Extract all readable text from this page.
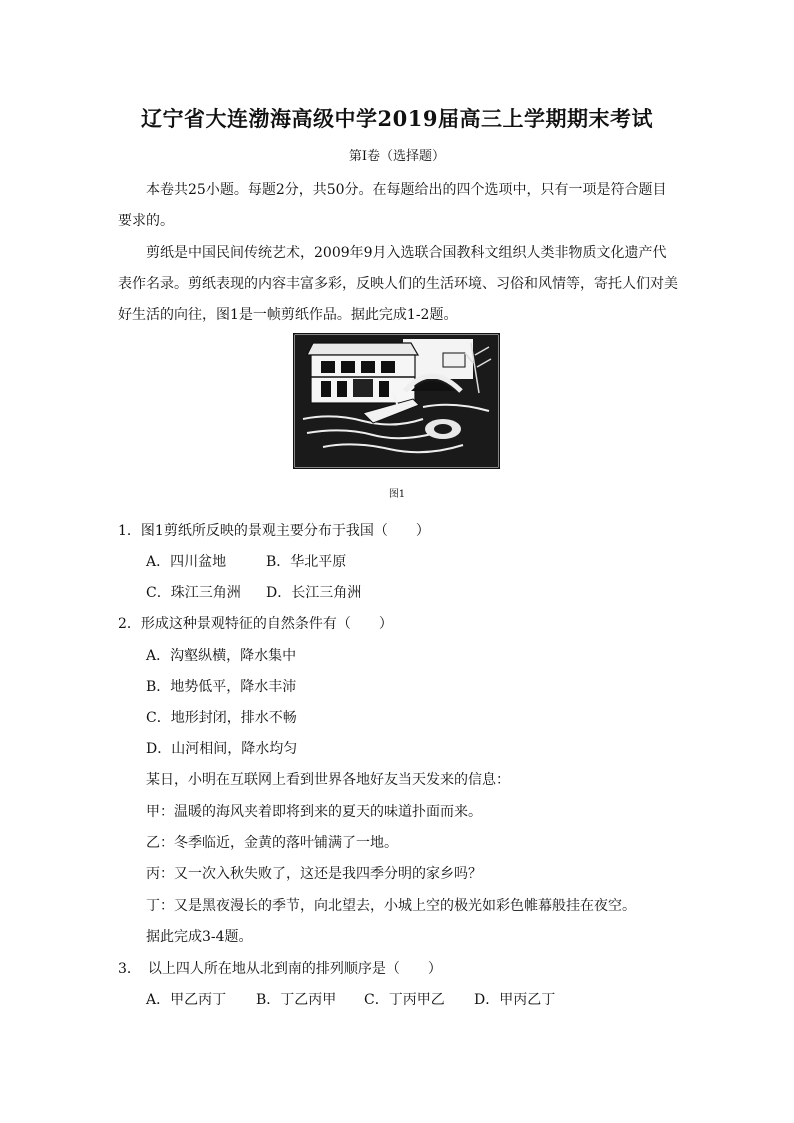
辽宁省大连渤海高级中学2019届高三上学期期末考试
第Ⅰ卷（选择题）
本卷共25小题。每题2分，共50分。在每题给出的四个选项中，只有一项是符合题目
要求的。
剪纸是中国民间传统艺术，2009年9月入选联合国教科文组织人类非物质文化遗产代
表作名录。剪纸表现的内容丰富多彩，反映人们的生活环境、习俗和风情等，寄托人们对美
好生活的向往，图1是一帧剪纸作品。据此完成1-2题。
图1
1．图1剪纸所反映的景观主要分布于我国（　　）
A．四川盆地	B．华北平原
C．珠江三角洲 D．长江三角洲
2．形成这种景观特征的自然条件有（　　）
A．沟壑纵横，降水集中
B．地势低平，降水丰沛
C．地形封闭，排水不畅
D．山河相间，降水均匀
某日，小明在互联网上看到世界各地好友当天发来的信息：
甲：温暖的海风夹着即将到来的夏天的味道扑面而来。
乙：冬季临近，金黄的落叶铺满了一地。
丙：又一次入秋失败了，这还是我四季分明的家乡吗？
丁：又是黑夜漫长的季节，向北望去，小城上空的极光如彩色帷幕般挂在夜空。
据此完成3-4题。
3．　以上四人所在地从北到南的排列顺序是（　　）
A．甲乙丙丁 B．丁乙丙甲 C．丁丙甲乙 D．甲丙乙丁
